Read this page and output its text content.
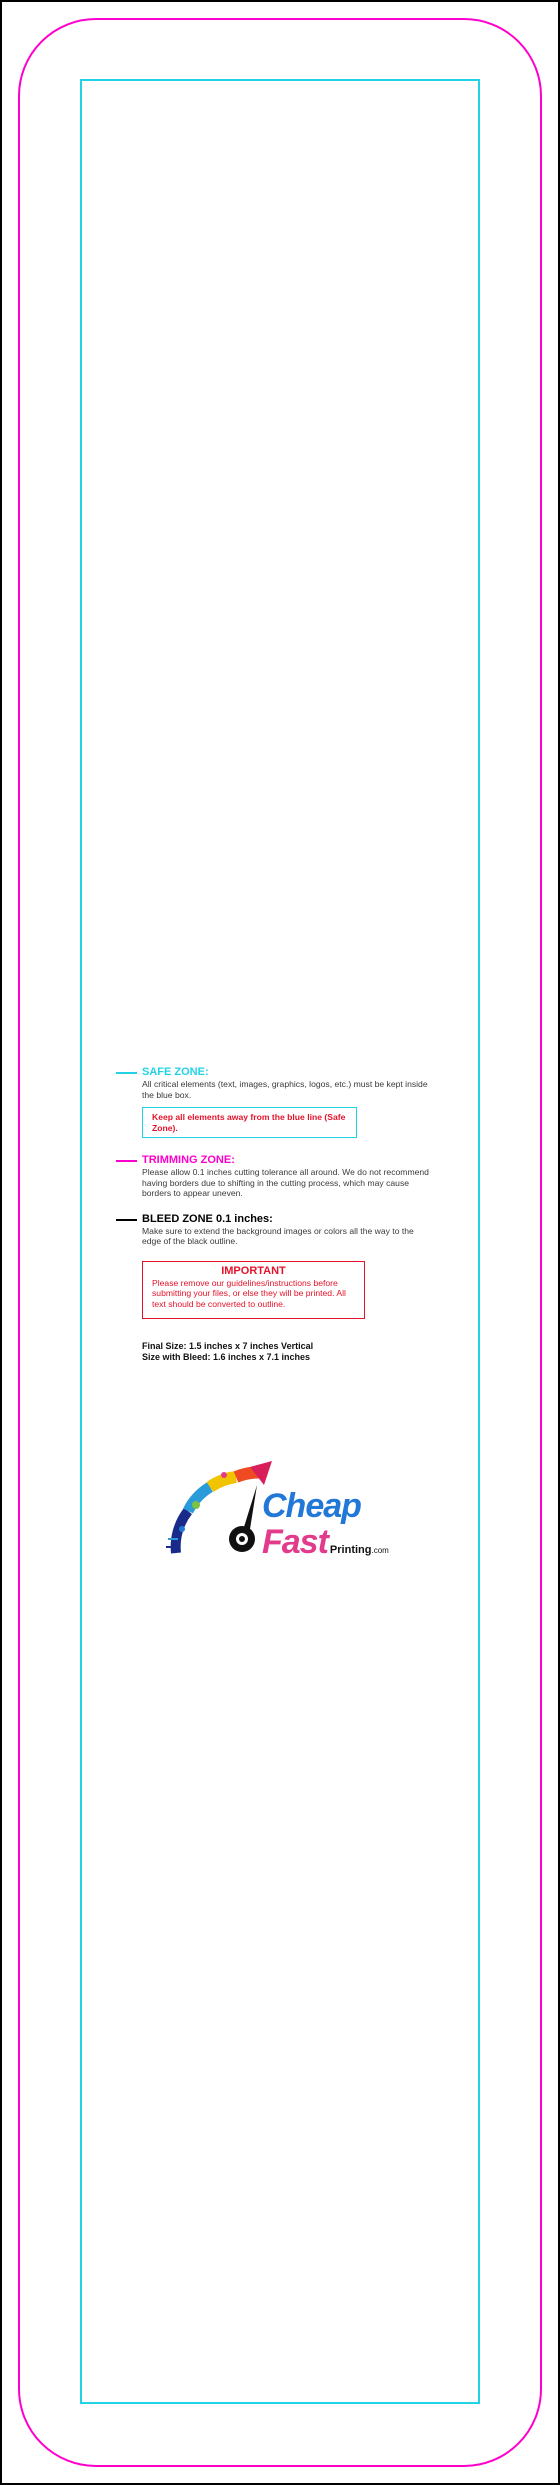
SAFE ZONE:
All critical elements (text, images, graphics, logos, etc.) must be kept inside the blue box.
Keep all elements away from the blue line (Safe Zone).
TRIMMING ZONE:
Please allow 0.1 inches cutting tolerance all around. We do not recommend having borders due to shifting in the cutting process, which may cause borders to appear uneven.
BLEED ZONE 0.1 inches:
Make sure to extend the background images or colors all the way to the edge of the black outline.
IMPORTANT
Please remove our guidelines/instructions before submitting your files, or else they will be printed. All text should be converted to outline.
Final Size: 1.5 inches x 7 inches Vertical
Size with Bleed: 1.6 inches x 7.1 inches
Cheap
Fast Printing.com
